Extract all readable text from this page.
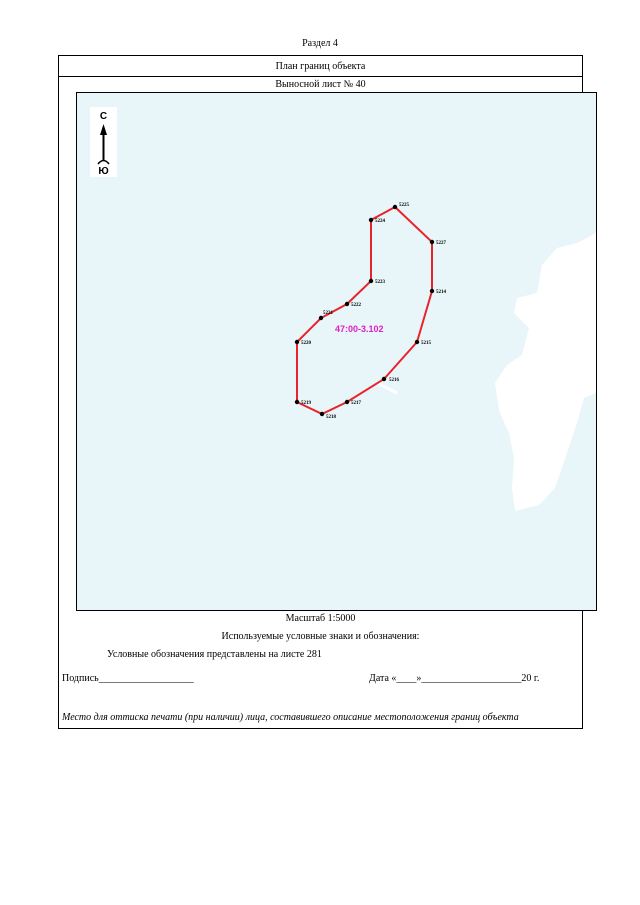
Раздел 4
План границ объекта
Выносной лист № 40
5225
5227
5214
5215
5216
5217
5218
5219
5220
5221
5222
5223
5224
47:00-3.102
С
Ю
Масштаб 1:5000
Используемые условные знаки и обозначения:
Условные обозначения представлены на листе 281
Подпись___________________	Дата «____»____________________20 г.
Место для оттиска печати (при наличии) лица, составившего описание местоположения границ объекта
